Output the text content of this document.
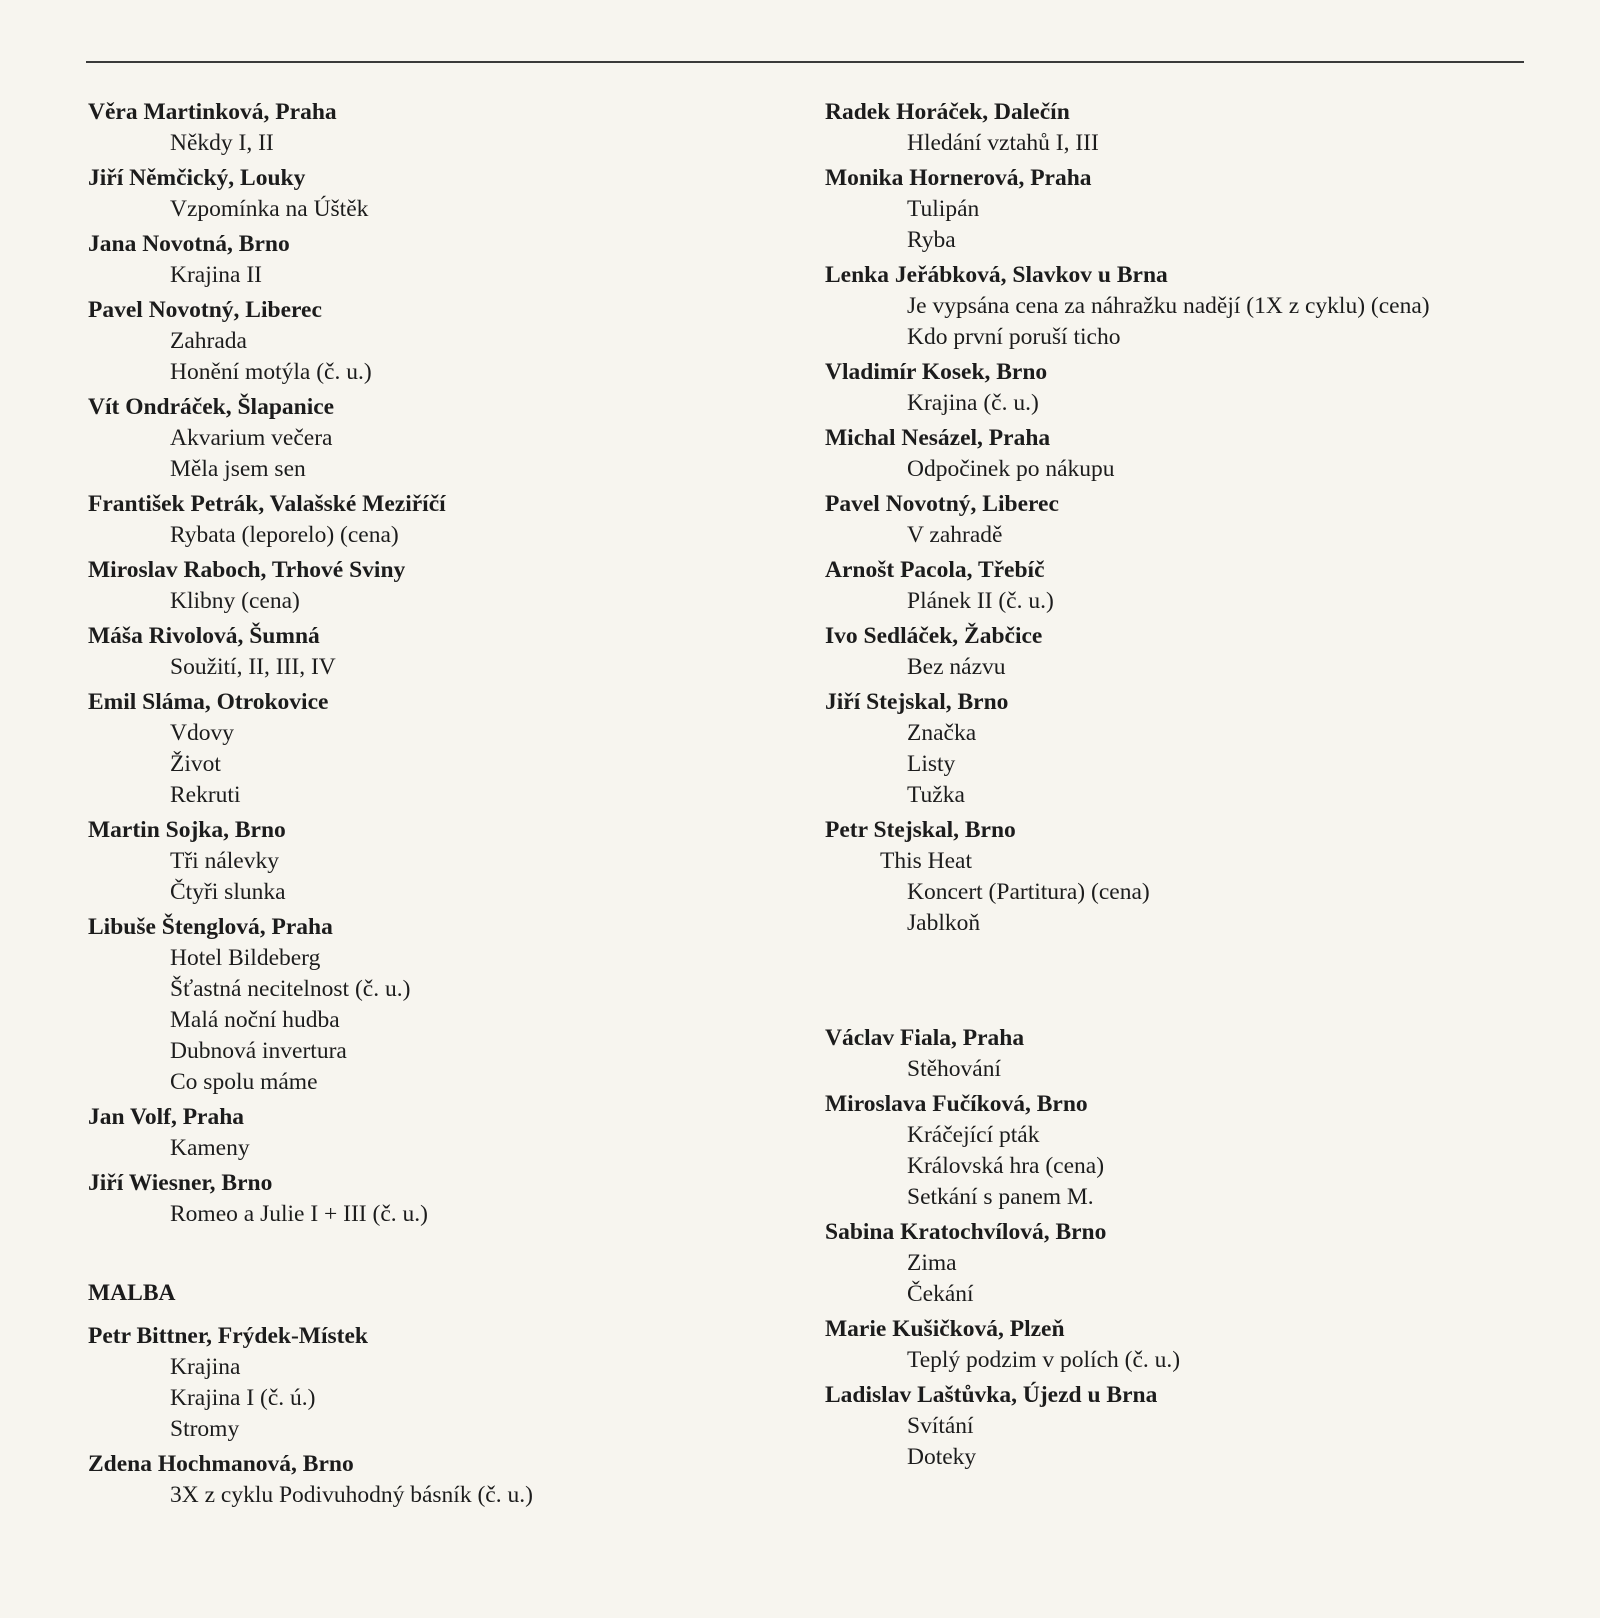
Věra Martinková, Praha
Někdy I, II
Jiří Němčický, Louky
Vzpomínka na Úštěk
Jana Novotná, Brno
Krajina II
Pavel Novotný, Liberec
Zahrada
Honění motýla (č. u.)
Vít Ondráček, Šlapanice
Akvarium večera
Měla jsem sen
František Petrák, Valašské Meziříčí
Rybata (leporelo) (cena)
Miroslav Raboch, Trhové Sviny
Klibny (cena)
Máša Rivolová, Šumná
Soužití, II, III, IV
Emil Sláma, Otrokovice
Vdovy
Život
Rekruti
Martin Sojka, Brno
Tři nálevky
Čtyři slunka
Libuše Štenglová, Praha
Hotel Bildeberg
Šťastná necitelnost (č. u.)
Malá noční hudba
Dubnová invertura
Co spolu máme
Jan Volf, Praha
Kameny
Jiří Wiesner, Brno
Romeo a Julie I + III (č. u.)
MALBA
Petr Bittner, Frýdek-Místek
Krajina
Krajina I (č. ú.)
Stromy
Zdena Hochmanová, Brno
3X z cyklu Podivuhodný básník (č. u.)
Radek Horáček, Dalečín
Hledání vztahů I, III
Monika Hornerová, Praha
Tulipán
Ryba
Lenka Jeřábková, Slavkov u Brna
Je vypsána cena za náhražku nadějí (1X z cyklu) (cena)
Kdo první poruší ticho
Vladimír Kosek, Brno
Krajina (č. u.)
Michal Nesázel, Praha
Odpočinek po nákupu
Pavel Novotný, Liberec
V zahradě
Arnošt Pacola, Třebíč
Plánek II (č. u.)
Ivo Sedláček, Žabčice
Bez názvu
Jiří Stejskal, Brno
Značka
Listy
Tužka
Petr Stejskal, Brno
This Heat
Koncert (Partitura) (cena)
Jablkoň
Václav Fiala, Praha
Stěhování
Miroslava Fučíková, Brno
Kráčející pták
Královská hra (cena)
Setkání s panem M.
Sabina Kratochvílová, Brno
Zima
Čekání
Marie Kušičková, Plzeň
Teplý podzim v polích (č. u.)
Ladislav Laštůvka, Újezd u Brna
Svítání
Doteky
